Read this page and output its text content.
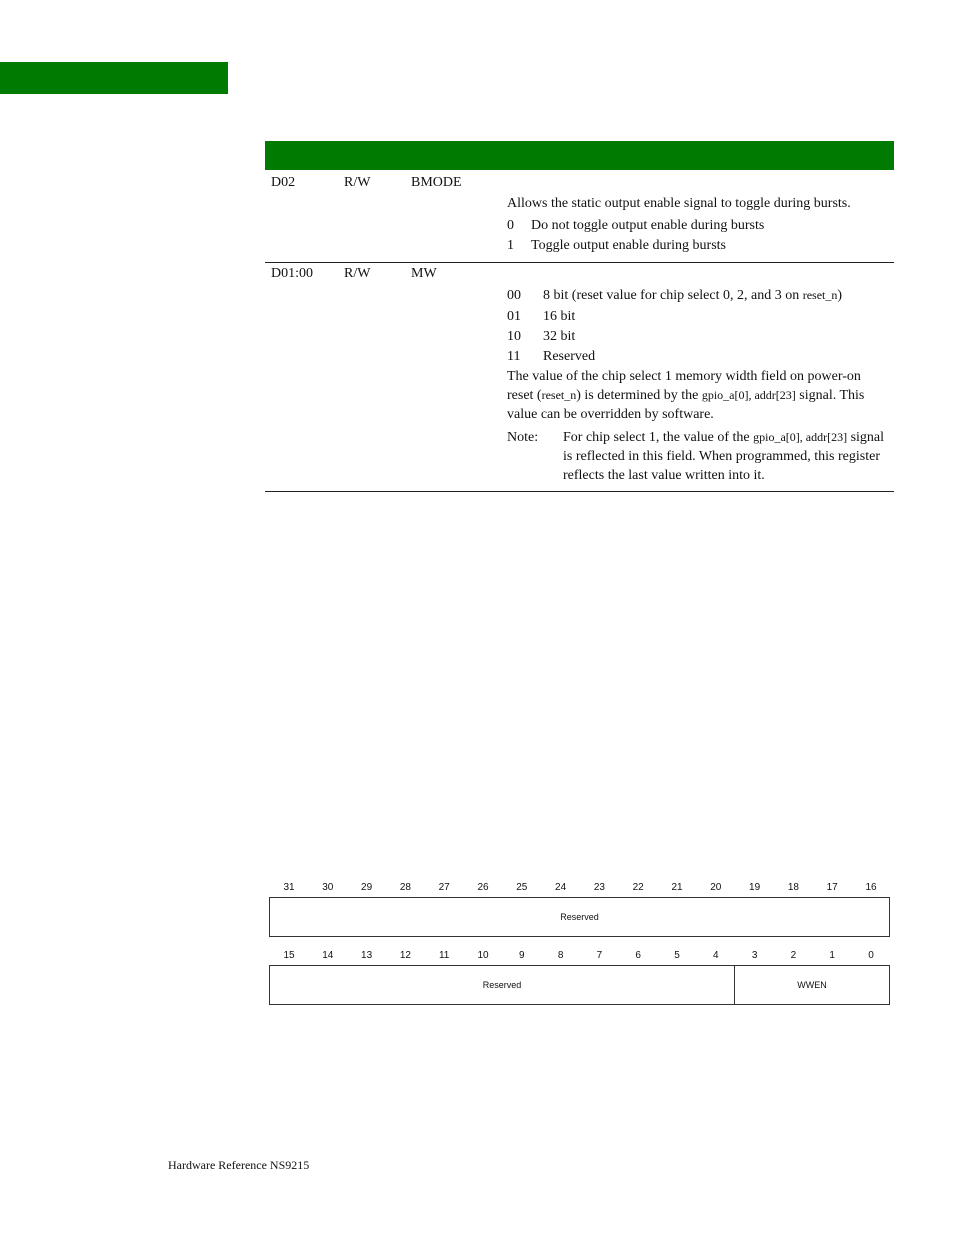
D02	R/W	BMODE
Allows the static output enable signal to toggle during bursts.
0 Do not toggle output enable during bursts
1 Toggle output enable during bursts
D01:00 R/W	MW
00 8 bit (reset value for chip select 0, 2, and 3 on reset_n)
01 16 bit
10 32 bit
11 Reserved
The value of the chip select 1 memory width field on power-on
reset (reset_n) is determined by the gpio_a[0], addr[23] signal. This
value can be overridden by software.
Note: For chip select 1, the value of the gpio_a[0], addr[23] signal
is reflected in this field. When programmed, this register
reflects the last value written into it.
31	30	29	28	27	26	25	24	23	22	21	20	19	18	17	16
Reserved
15	14	13	12	11	10	9	8	7	6	5	4	3	2	1	0
Reserved	WWEN
Hardware Reference NS9215
